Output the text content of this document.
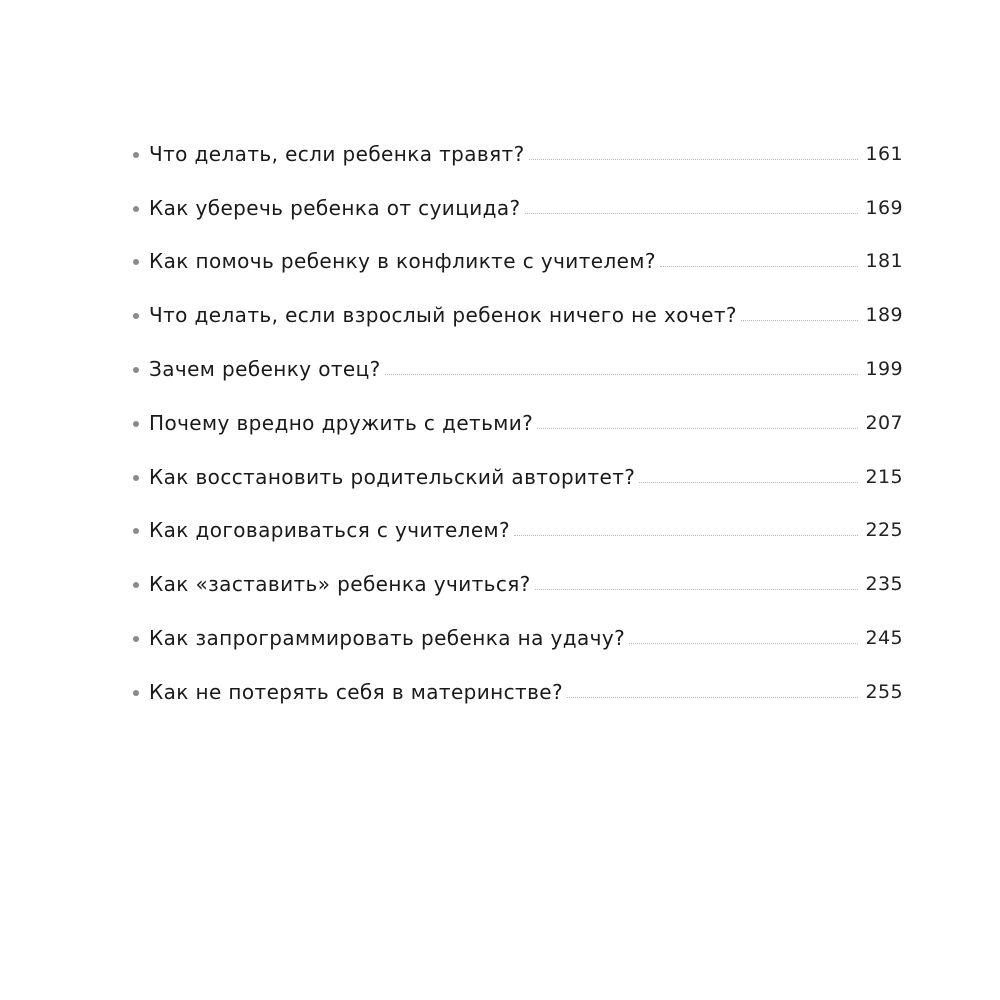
Что делать, если ребенка травят?	161
Как уберечь ребенка от суицида?	169
Как помочь ребенку в конфликте с учителем?	181
Что делать, если взрослый ребенок ничего не хочет?	189
Зачем ребенку отец?	199
Почему вредно дружить с детьми?	207
Как восстановить родительский авторитет?	215
Как договариваться с учителем?	225
Как «заставить» ребенка учиться?	235
Как запрограммировать ребенка на удачу?	245
Как не потерять себя в материнстве?	255
